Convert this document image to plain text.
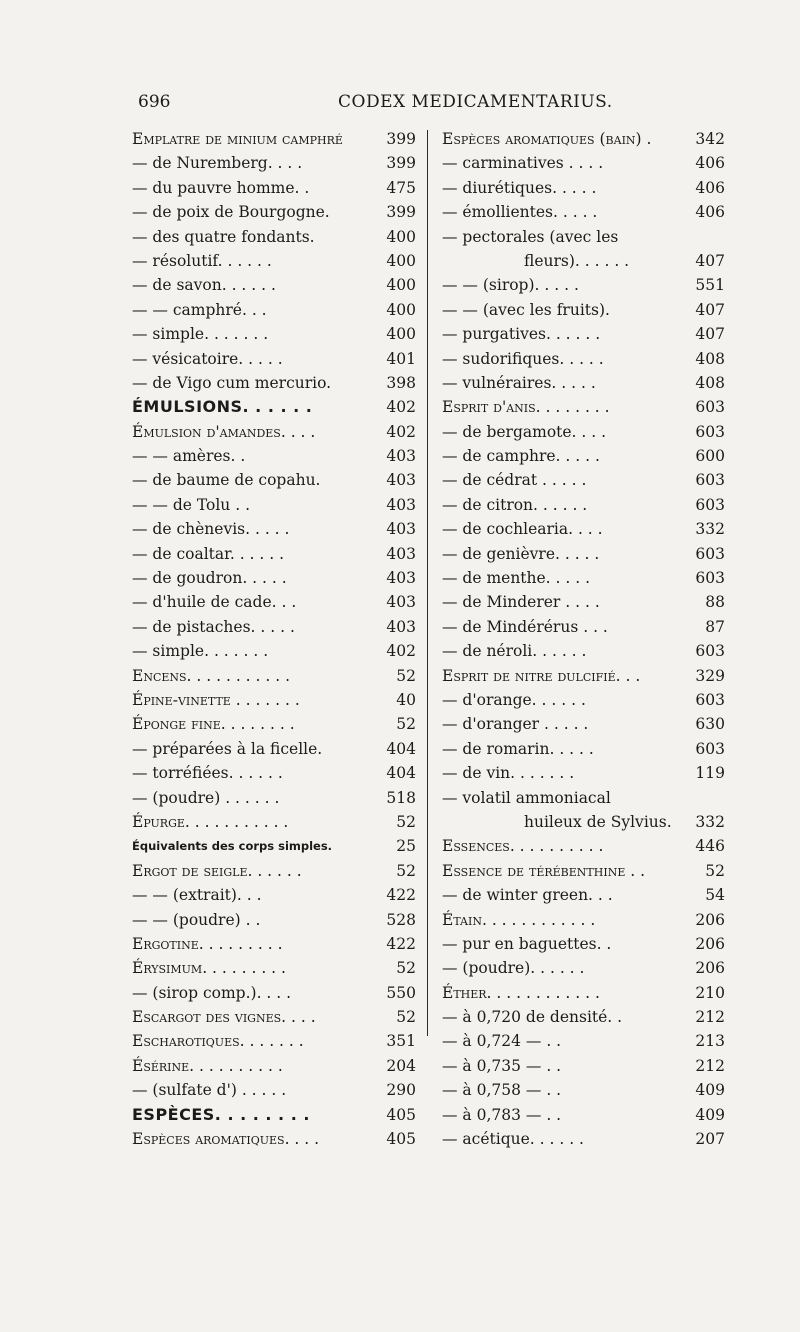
696	CODEX MEDICAMENTARIUS.
Emplatre de minium camphré	399
— de Nuremberg. . . .	399
— du pauvre homme. .	475
— de poix de Bourgogne.	399
— des quatre fondants.	400
— résolutif. . . . . .	400
— de savon. . . . . .	400
— — camphré. . .	400
— simple. . . . . . .	400
— vésicatoire. . . . .	401
— de Vigo cum mercurio.	398
ÉMULSIONS. . . . . .	402
Émulsion d'amandes. . . .	402
— — amères. .	403
— de baume de copahu.	403
— — de Tolu . .	403
— de chènevis. . . . .	403
— de coaltar. . . . . .	403
— de goudron. . . . .	403
— d'huile de cade. . .	403
— de pistaches. . . . .	403
— simple. . . . . . .	402
Encens. . . . . . . . . . .	52
Épine-vinette . . . . . . .	40
Éponge fine. . . . . . . .	52
— préparées à la ficelle.	404
— torréfiées. . . . . .	404
— (poudre) . . . . . .	518
Épurge. . . . . . . . . . .	52
Équivalents des corps simples.	25
Ergot de seigle. . . . . .	52
— — (extrait). . .	422
— — (poudre) . .	528
Ergotine. . . . . . . . .	422
Érysimum. . . . . . . . .	52
— (sirop comp.). . . .	550
Escargot des vignes. . . .	52
Escharotiques. . . . . . .	351
Ésérine. . . . . . . . . .	204
— (sulfate d') . . . . .	290
ESPÈCES. . . . . . . .	405
Espèces aromatiques. . . .	405
Espèces aromatiques (bain) .	342
— carminatives . . . .	406
— diurétiques. . . . .	406
— émollientes. . . . .	406
— pectorales (avec les
fleurs). . . . . .	407
— — (sirop). . . . .	551
— — (avec les fruits).	407
— purgatives. . . . . .	407
— sudorifiques. . . . .	408
— vulnéraires. . . . .	408
Esprit d'anis. . . . . . . .	603
— de bergamote. . . .	603
— de camphre. . . . .	600
— de cédrat . . . . .	603
— de citron. . . . . .	603
— de cochlearia. . . .	332
— de genièvre. . . . .	603
— de menthe. . . . .	603
— de Minderer . . . .	88
— de Mindérérus . . .	87
— de néroli. . . . . .	603
Esprit de nitre dulcifié. . .	329
— d'orange. . . . . .	603
— d'oranger . . . . .	630
— de romarin. . . . .	603
— de vin. . . . . . .	119
— volatil ammoniacal
huileux de Sylvius. 332
Essences. . . . . . . . . .	446
Essence de térébenthine . .	52
— de winter green. . .	54
Étain. . . . . . . . . . . .	206
— pur en baguettes. .	206
— (poudre). . . . . .	206
Éther. . . . . . . . . . . .	210
— à 0,720 de densité. .	212
— à 0,724 — . .	213
— à 0,735 — . .	212
— à 0,758 — . .	409
— à 0,783 — . .	409
— acétique. . . . . .	207
